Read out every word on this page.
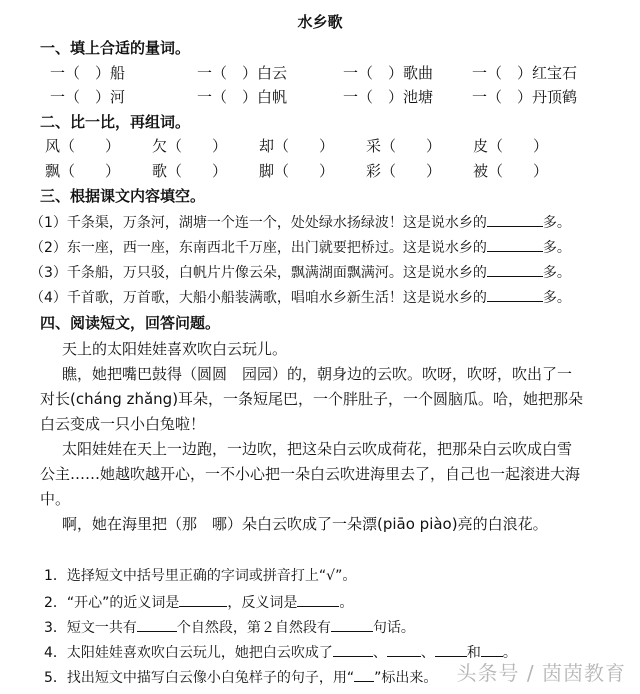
水乡歌
一、填上合适的量词。
一（　）船	一（　）白云	一（　）歌曲	一（　）红宝石
一（　）河	一（　）白帆	一（　）池塘	一（　）丹顶鹤
二、比一比，再组词。
风（　　） 欠（　　） 却（　　） 采（　　） 皮（　　）
飘（　　） 歌（　　） 脚（　　） 彩（　　） 被（　　）
三、根据课文内容填空。
（1）千条渠，万条河，湖塘一个连一个，处处绿水扬绿波！这是说水乡的	多。
（2）东一座，西一座，东南西北千万座，出门就要把桥过。这是说水乡的	多。
（3）千条船，万只驳，白帆片片像云朵，飘满湖面飘满河。这是说水乡的	多。
（4）千首歌，万首歌，大船小船装满歌，唱咱水乡新生活！这是说水乡的	多。
四、阅读短文，回答问题。
天上的太阳娃娃喜欢吹白云玩儿。
瞧，她把嘴巴鼓得（圆圆　园园）的，朝身边的云吹。吹呀，吹呀，吹出了一
对长(cháng zhǎng)耳朵，一条短尾巴，一个胖肚子，一个圆脑瓜。哈，她把那朵
白云变成一只小白兔啦！
太阳娃娃在天上一边跑，一边吹，把这朵白云吹成荷花，把那朵白云吹成白雪
公主……她越吹越开心，一不小心把一朵白云吹进海里去了，自己也一起滚进大海
中。
啊，她在海里把（那　哪）朵白云吹成了一朵漂(piāo piào)亮的白浪花。
1．选择短文中括号里正确的字词或拼音打上“√”。
2．“开心”的近义词是	，反义词是	。
3．短文一共有	个自然段，第２自然段有	句话。
4．太阳娃娃喜欢吹白云玩儿，她把白云吹成了	、 、 和 。
5．找出短文中描写白云像小白兔样子的句子，用“ ”标出来。 头条号 / 茵茵教育
